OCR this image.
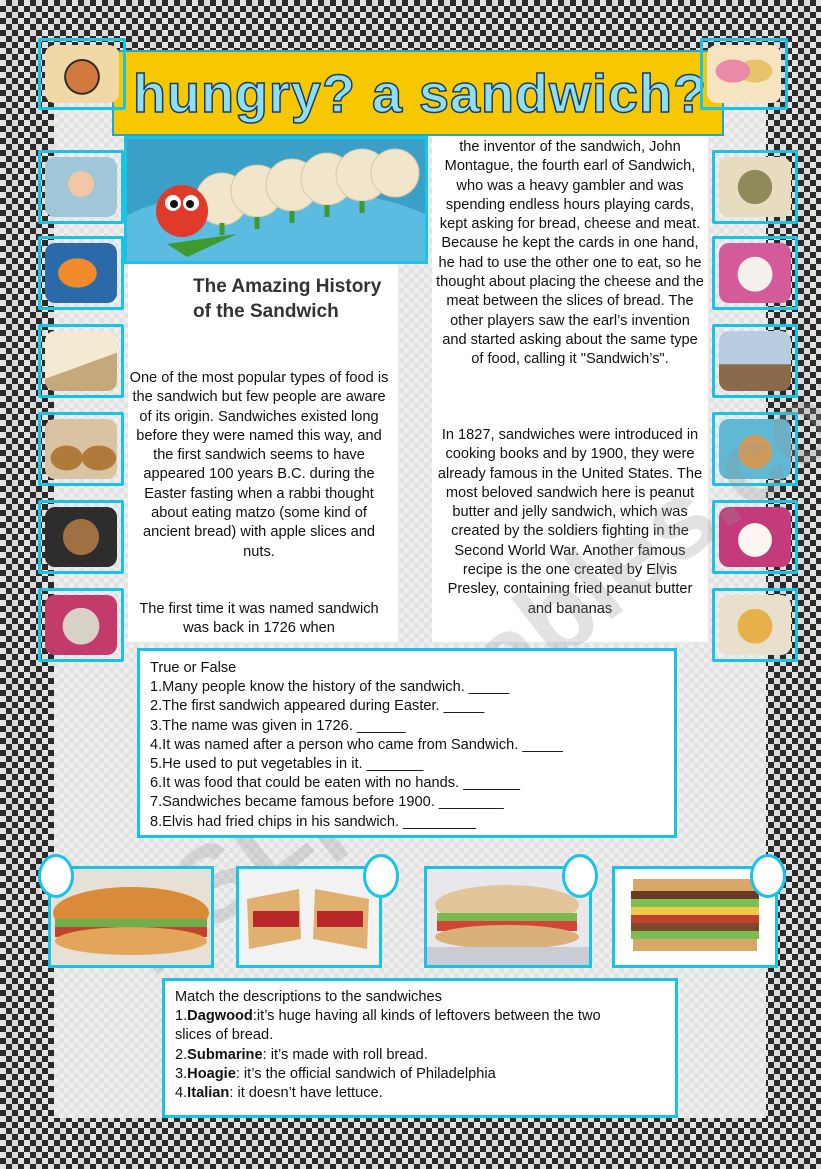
hungry? a sandwich?
The Amazing History of the Sandwich
One of the most popular types of food is the sandwich but few people are aware of its origin. Sandwiches existed long before they were named this way, and the first sandwich seems to have appeared 100 years B.C. during the Easter fasting when a rabbi thought about eating matzo (some kind of ancient bread) with apple slices and nuts.
The first time it was named sandwich was back in 1726 when
the inventor of the sandwich, John Montague, the fourth earl of Sandwich, who was a heavy gambler and was spending endless hours playing cards, kept asking for bread, cheese and meat. Because he kept the cards in one hand, he had to use the other one to eat, so he thought about placing the cheese and the meat between the slices of bread. The other players saw the earl’s invention and started asking about the same type of food, calling it "Sandwich’s".
In 1827, sandwiches were introduced in cooking books and by 1900, they were already famous in the United States. The most beloved sandwich here is peanut butter and jelly sandwich, which was created by the soldiers fighting in the Second World War. Another famous recipe is the one created by Elvis Presley, containing fried peanut butter and bananas
True or False
1.Many people know the history of the sandwich. _____
2.The first sandwich appeared during Easter. _____
3.The name was given in 1726. ______
4.It was named after a person who came from Sandwich. _____
5.He used to put vegetables in it. _______
6.It was food that could be eaten with no hands. _______
7.Sandwiches became famous before 1900. ________
8.Elvis had fried chips in his sandwich. _________
Match the descriptions to the sandwiches
1.Dagwood:it’s huge having all kinds of leftovers between the two
slices of bread.
2.Submarine: it’s made with roll bread.
3.Hoagie: it’s the official sandwich of Philadelphia
4.Italian: it doesn’t have lettuce.
